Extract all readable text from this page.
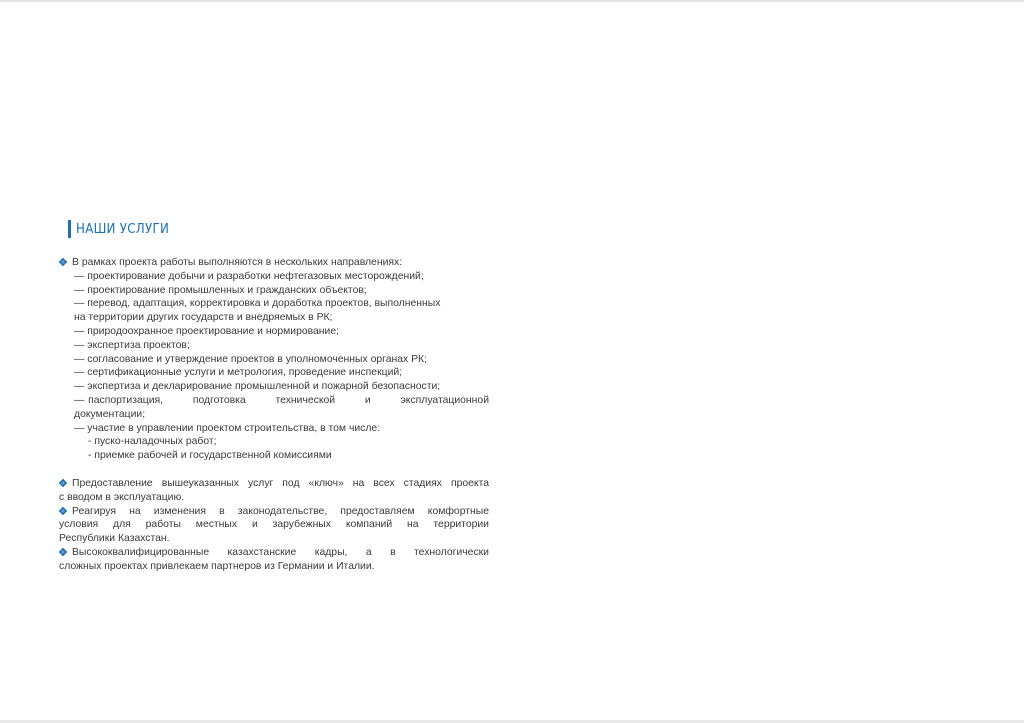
НАШИ УСЛУГИ
В рамках проекта работы выполняются в нескольких направлениях:
— проектирование добычи и разработки нефтегазовых месторождений;
— проектирование промышленных и гражданских объектов;
— перевод, адаптация, корректировка и доработка проектов, выполненных
на территории других государств и внедряемых в РК;
— природоохранное проектирование и нормирование;
— экспертиза проектов;
— согласование и утверждение проектов в уполномоченных органах РК;
— сертификационные услуги и метрология, проведение инспекций;
— экспертиза и декларирование промышленной и пожарной безопасности;
— паспортизация,        подготовка        технической        и        эксплуатационной
документации;
— участие в управлении проектом строительства, в том числе:
- пуско-наладочных работ;
- приемке рабочей и государственной комиссиями
Предоставление вышеуказанных услуг под «ключ» на всех стадиях проекта
с вводом в эксплуатацию.
Реагируя на изменения в законодательстве, предоставляем комфортные
условия для работы местных и зарубежных компаний на территории
Республики Казахстан.
Высококвалифицированные казахстанские кадры, а в технологически
сложных проектах привлекаем партнеров из Германии и Италии.
